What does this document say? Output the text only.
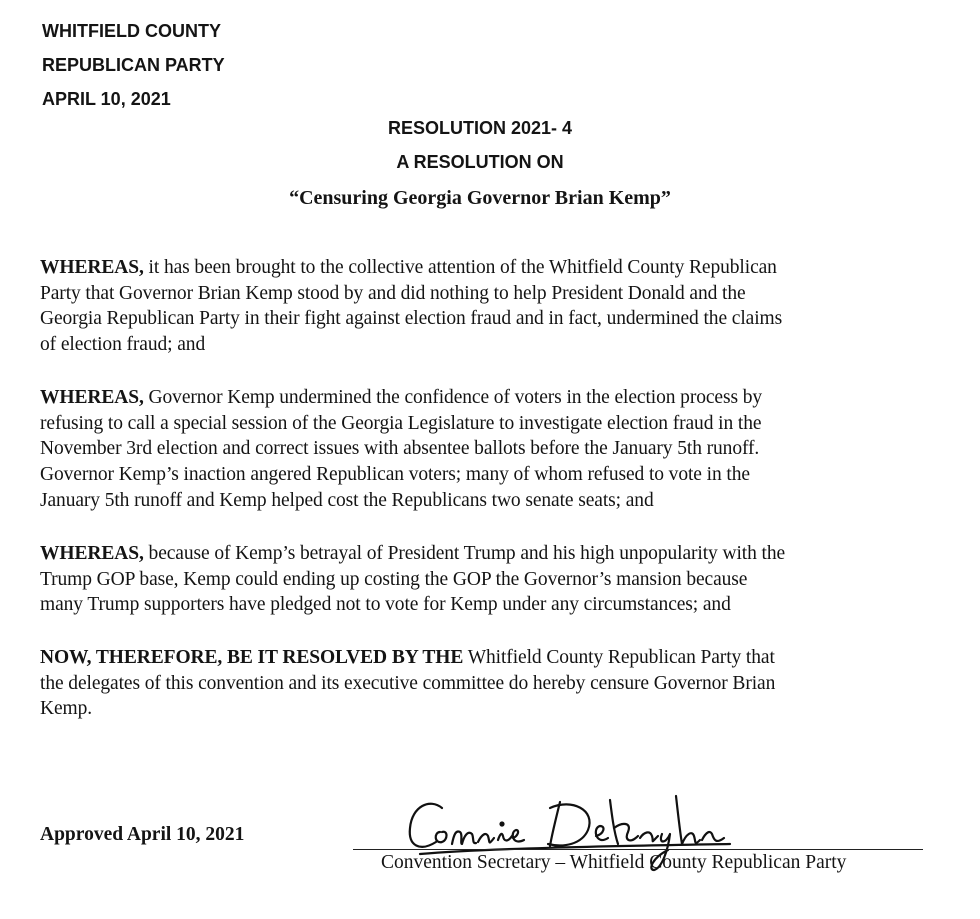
WHITFIELD COUNTY
REPUBLICAN PARTY
APRIL 10, 2021
RESOLUTION 2021- 4
A RESOLUTION ON
“Censuring Georgia Governor Brian Kemp”
WHEREAS, it has been brought to the collective attention of the Whitfield County Republican
Party that Governor Brian Kemp stood by and did nothing to help President Donald and the
Georgia Republican Party in their fight against election fraud and in fact, undermined the claims
of election fraud; and
WHEREAS, Governor Kemp undermined the confidence of voters in the election process by
refusing to call a special session of the Georgia Legislature to investigate election fraud in the
November 3rd election and correct issues with absentee ballots before the January 5th runoff.
Governor Kemp’s inaction angered Republican voters; many of whom refused to vote in the
January 5th runoff and Kemp helped cost the Republicans two senate seats; and
WHEREAS, because of Kemp’s betrayal of President Trump and his high unpopularity with the
Trump GOP base, Kemp could ending up costing the GOP the Governor’s mansion because
many Trump supporters have pledged not to vote for Kemp under any circumstances; and
NOW, THEREFORE, BE IT RESOLVED BY THE Whitfield County Republican Party that
the delegates of this convention and its executive committee do hereby censure Governor Brian
Kemp.
Approved April 10, 2021
Convention Secretary – Whitfield County Republican Party
